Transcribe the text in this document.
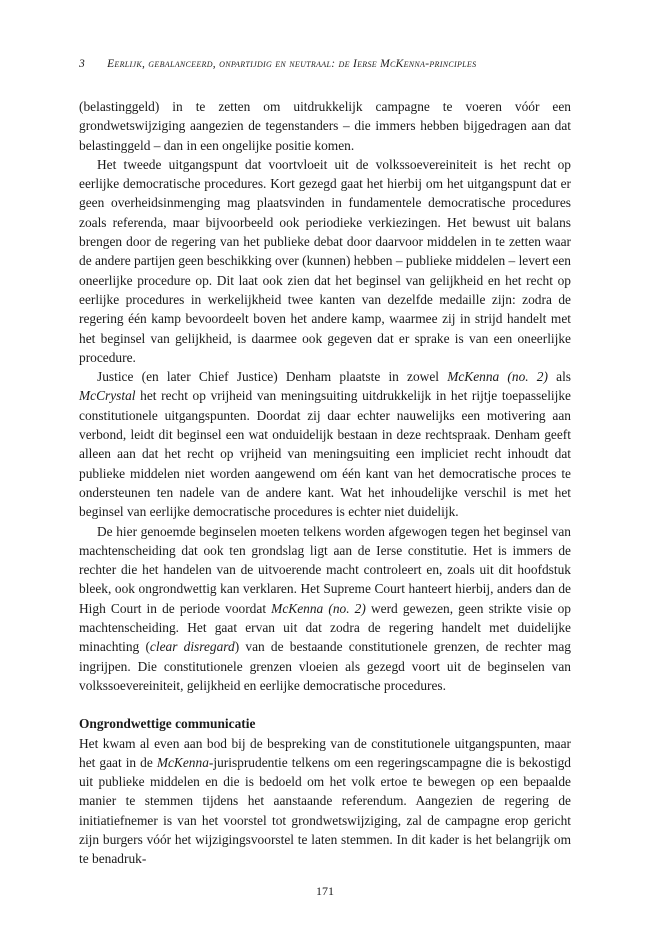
3 Eerlijk, gebalanceerd, onpartijdig en neutraal: de Ierse McKenna-principles

(belastinggeld) in te zetten om uitdrukkelijk campagne te voeren vóór een grondwetswijziging aangezien de tegenstanders – die immers hebben bijgedragen aan dat belastinggeld – dan in een ongelijke positie komen.

Het tweede uitgangspunt dat voortvloeit uit de volkssoevereiniteit is het recht op eerlijke democratische procedures. Kort gezegd gaat het hierbij om het uitgangspunt dat er geen overheidsinmenging mag plaatsvinden in fundamentele democratische procedures zoals referenda, maar bijvoorbeeld ook periodieke verkiezingen. Het bewust uit balans brengen door de regering van het publieke debat door daarvoor middelen in te zetten waar de andere partijen geen beschikking over (kunnen) hebben – publieke middelen – levert een oneerlijke procedure op. Dit laat ook zien dat het beginsel van gelijkheid en het recht op eerlijke procedures in werkelijkheid twee kanten van dezelfde medaille zijn: zodra de regering één kamp bevoordeelt boven het andere kamp, waarmee zij in strijd handelt met het beginsel van gelijkheid, is daarmee ook gegeven dat er sprake is van een oneerlijke procedure.

Justice (en later Chief Justice) Denham plaatste in zowel McKenna (no. 2) als McCrystal het recht op vrijheid van meningsuiting uitdrukkelijk in het rijtje toepasselijke constitutionele uitgangspunten. Doordat zij daar echter nauwelijks een motivering aan verbond, leidt dit beginsel een wat onduidelijk bestaan in deze rechtspraak. Denham geeft alleen aan dat het recht op vrijheid van meningsuiting een impliciet recht inhoudt dat publieke middelen niet worden aangewend om één kant van het democratische proces te ondersteunen ten nadele van de andere kant. Wat het inhoudelijke verschil is met het beginsel van eerlijke democratische procedures is echter niet duidelijk.

De hier genoemde beginselen moeten telkens worden afgewogen tegen het beginsel van machtenscheiding dat ook ten grondslag ligt aan de Ierse constitutie. Het is immers de rechter die het handelen van de uitvoerende macht controleert en, zoals uit dit hoofdstuk bleek, ook ongrondwettig kan verklaren. Het Supreme Court hanteert hierbij, anders dan de High Court in de periode voordat McKenna (no. 2) werd gewezen, geen strikte visie op machtenscheiding. Het gaat ervan uit dat zodra de regering handelt met duidelijke minachting (clear disregard) van de bestaande constitutionele grenzen, de rechter mag ingrijpen. Die constitutionele grenzen vloeien als gezegd voort uit de beginselen van volkssoevereiniteit, gelijkheid en eerlijke democratische procedures.

Ongrondwettige communicatie

Het kwam al even aan bod bij de bespreking van de constitutionele uitgangspunten, maar het gaat in de McKenna-jurisprudentie telkens om een regeringscampagne die is bekostigd uit publieke middelen en die is bedoeld om het volk ertoe te bewegen op een bepaalde manier te stemmen tijdens het aanstaande referendum. Aangezien de regering de initiatiefnemer is van het voorstel tot grondwetswijziging, zal de campagne erop gericht zijn burgers vóór het wijzigingsvoorstel te laten stemmen. In dit kader is het belangrijk om te benadruk-

171
